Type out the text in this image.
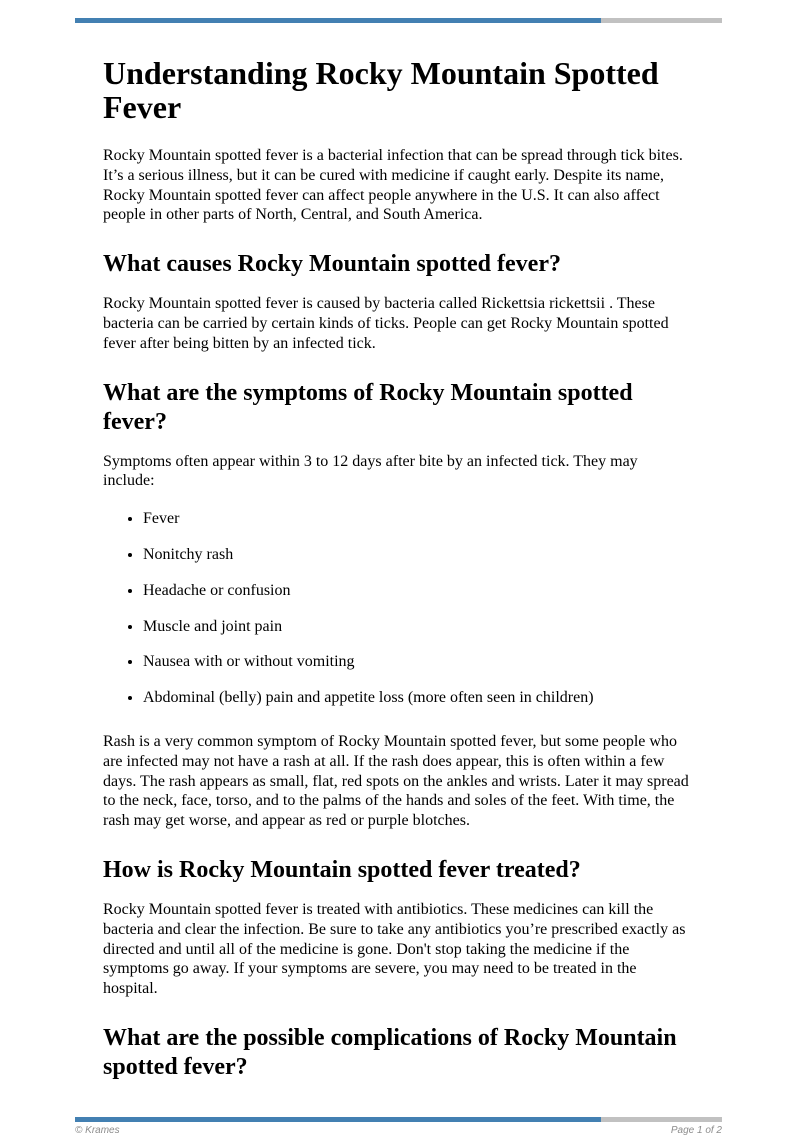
Understanding Rocky Mountain Spotted Fever

Rocky Mountain spotted fever is a bacterial infection that can be spread through tick bites. It’s a serious illness, but it can be cured with medicine if caught early. Despite its name, Rocky Mountain spotted fever can affect people anywhere in the U.S. It can also affect people in other parts of North, Central, and South America.

What causes Rocky Mountain spotted fever?

Rocky Mountain spotted fever is caused by bacteria called Rickettsia rickettsii . These bacteria can be carried by certain kinds of ticks. People can get Rocky Mountain spotted fever after being bitten by an infected tick.

What are the symptoms of Rocky Mountain spotted fever?

Symptoms often appear within 3 to 12 days after bite by an infected tick. They may include:

• Fever
• Nonitchy rash
• Headache or confusion
• Muscle and joint pain
• Nausea with or without vomiting
• Abdominal (belly) pain and appetite loss (more often seen in children)

Rash is a very common symptom of Rocky Mountain spotted fever, but some people who are infected may not have a rash at all. If the rash does appear, this is often within a few days. The rash appears as small, flat, red spots on the ankles and wrists. Later it may spread to the neck, face, torso, and to the palms of the hands and soles of the feet. With time, the rash may get worse, and appear as red or purple blotches.

How is Rocky Mountain spotted fever treated?

Rocky Mountain spotted fever is treated with antibiotics. These medicines can kill the bacteria and clear the infection. Be sure to take any antibiotics you’re prescribed exactly as directed and until all of the medicine is gone. Don't stop taking the medicine if the symptoms go away. If your symptoms are severe, you may need to be treated in the hospital.

What are the possible complications of Rocky Mountain spotted fever?
© Krames	Page 1 of 2
